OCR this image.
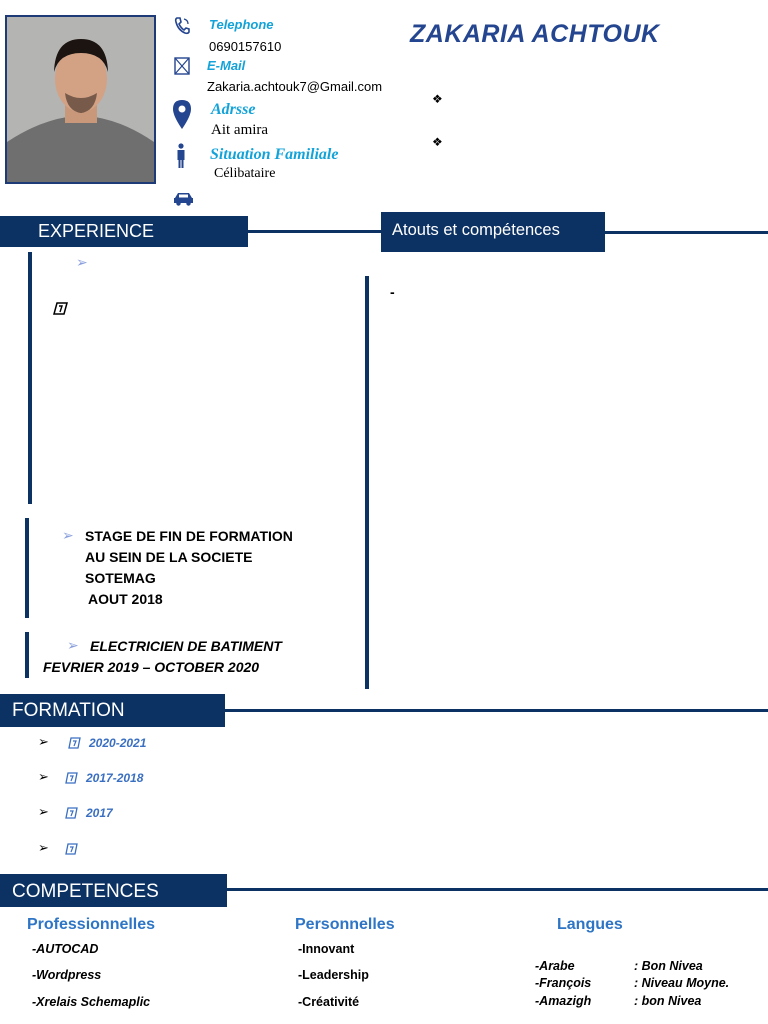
Telephone
0690157610
E-Mail
Zakaria.achtouk7@Gmail.com
Adrsse
Ait amira
Situation Familiale
Célibataire
ZAKARIA ACHTOUK
❖
❖
EXPERIENCE	Atouts et compétences
➢
➢ STAGE DE FIN DE FORMATION
AU SEIN DE LA SOCIETE
SOTEMAG
AOUT 2018
➢ ELECTRICIEN DE BATIMENT
FEVRIER 2019 – OCTOBER 2020
-
FORMATION
➢	2020-2021
➢	2017-2018
➢	2017
➢
COMPETENCES
Professionnelles
-AUTOCAD
-Wordpress
-Xrelais Schemaplic
Personnelles
-Innovant
-Leadership
-Créativité
Langues
-Arabe	: Bon Nivea
-François	: Niveau Moyne.
-Amazigh	: bon Nivea
